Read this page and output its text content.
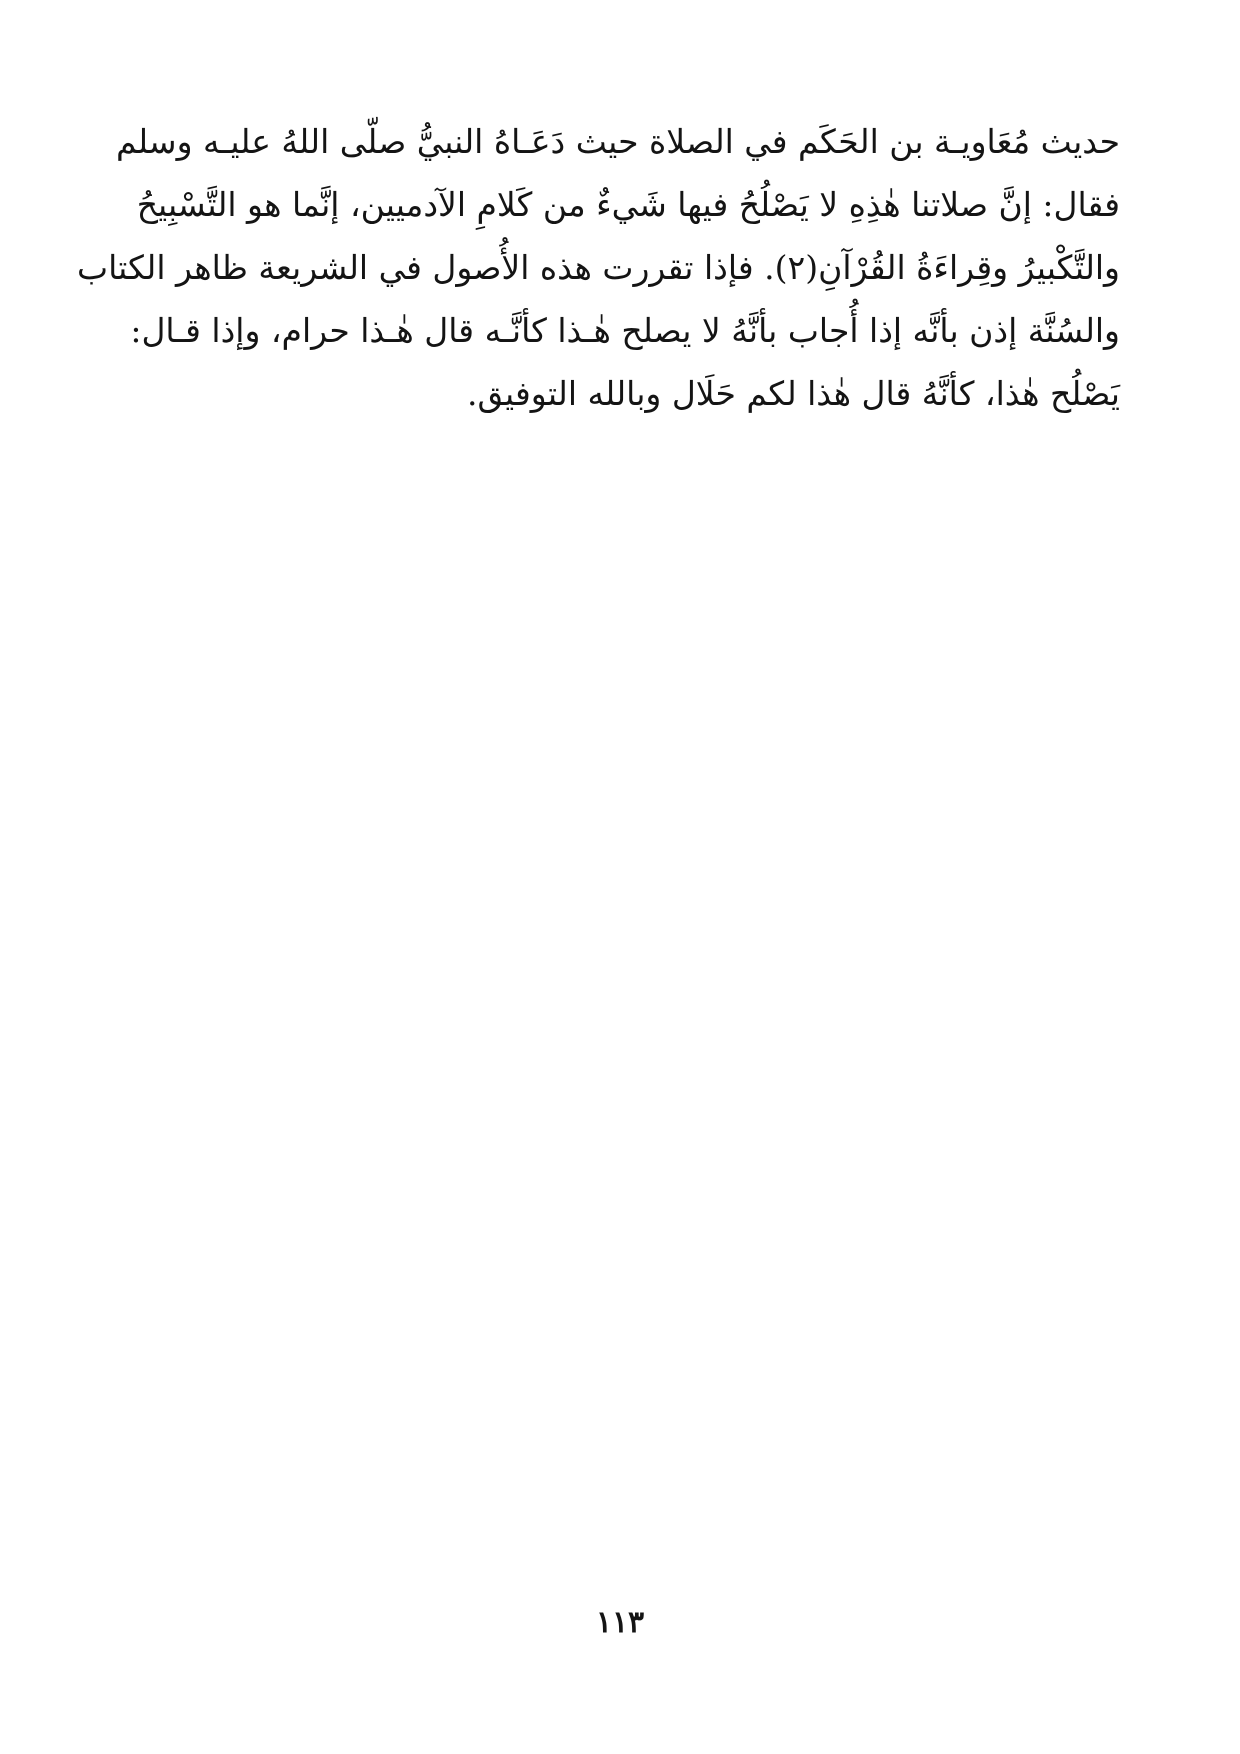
حديث مُعَاويـة بن الحَكَم في الصلاة حيث دَعَـاهُ النبيُّ صلّى اللهُ عليـه وسلم
فقال: إنَّ صلاتنا هٰذِهِ لا يَصْلُحُ فيها شَيءٌ من كَلامِ الآدميين، إنَّما هو التَّسْبِيحُ
والتَّكْبيرُ وقِراءَةُ القُرْآنِ(٢). فإذا تقررت هذه الأُصول في الشريعة ظاهر الكتاب
والسُنَّة إذن بأنَّه إذا أُجاب بأنَّهُ لا يصلح هٰـذا كأنَّـه قال هٰـذا حرام، وإذا قـال:
يَصْلُح هٰذا، كأنَّهُ قال هٰذا لكم حَلَال وبالله التوفيق.
١١٣
